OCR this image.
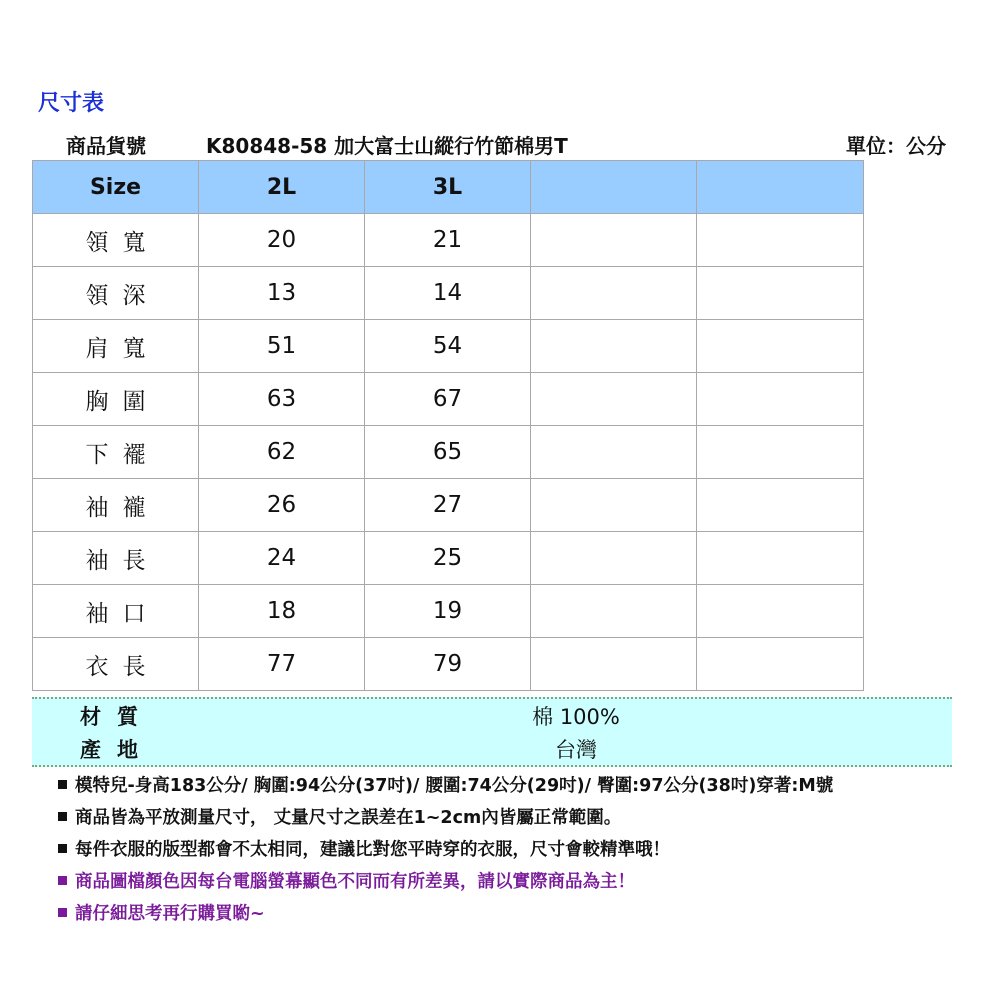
尺寸表
商品貨號	K80848-58 加大富士山縱行竹節棉男T	單位：公分
Size	2L	3L		
領寬	20	21		
領深	13	14		
肩寬	51	54		
胸圍	63	67		
下襬	62	65		
袖襱	26	27		
袖長	24	25		
袖口	18	19		
衣長	77	79		
材質	棉 100%
產地	台灣
模特兒-身高183公分/ 胸圍:94公分(37吋)/ 腰圍:74公分(29吋)/ 臀圍:97公分(38吋)穿著:M號
商品皆為平放測量尺寸， 丈量尺寸之誤差在1~2cm內皆屬正常範圍。
每件衣服的版型都會不太相同，建議比對您平時穿的衣服，尺寸會較精準哦！
商品圖檔顏色因每台電腦螢幕顯色不同而有所差異，請以實際商品為主！
請仔細思考再行購買喲~
